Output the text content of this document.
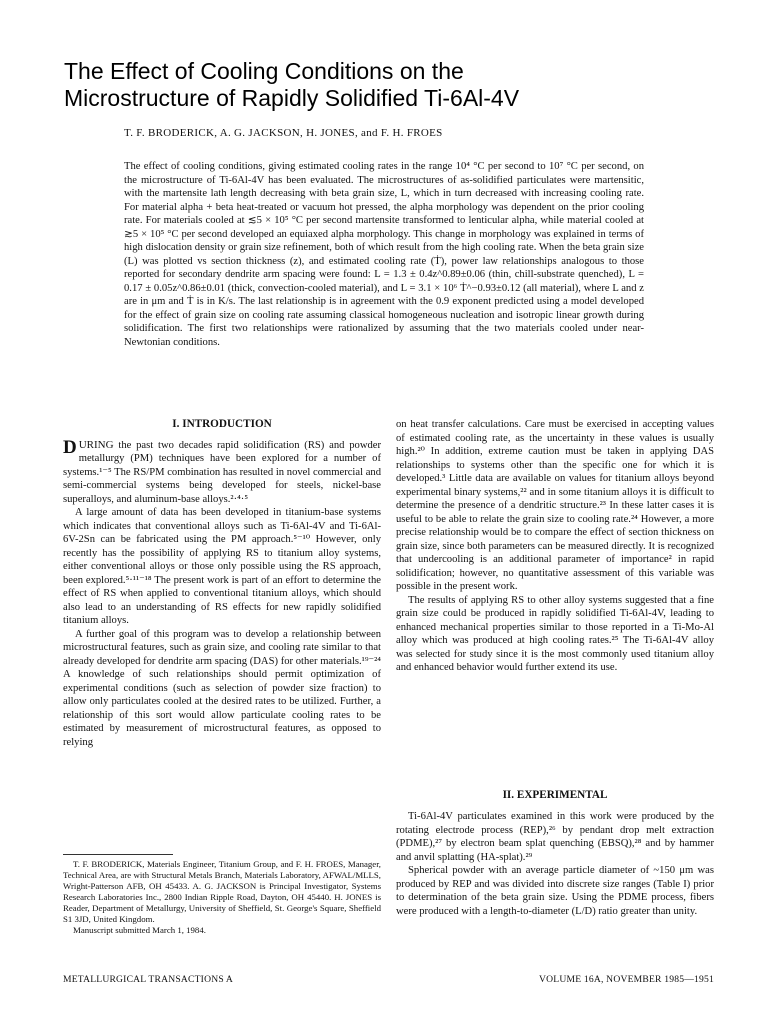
The Effect of Cooling Conditions on the
Microstructure of Rapidly Solidified Ti-6Al-4V
T. F. BRODERICK, A. G. JACKSON, H. JONES, and F. H. FROES

The effect of cooling conditions, giving estimated cooling rates in the range 10⁴ °C per second to 10⁷ °C per second, on the microstructure of Ti-6Al-4V has been evaluated. The microstructures of as-solidified particulates were martensitic, with the martensite lath length decreasing with beta grain size, L, which in turn decreased with increasing cooling rate. For material alpha + beta heat-treated or vacuum hot pressed, the alpha morphology was dependent on the prior cooling rate. For materials cooled at ≲5 × 10⁵ °C per second martensite transformed to lenticular alpha, while material cooled at ≳5 × 10⁵ °C per second developed an equiaxed alpha morphology. This change in morphology was explained in terms of high dislocation density or grain size refinement, both of which result from the high cooling rate. When the beta grain size (L) was plotted vs section thickness (z), and estimated cooling rate (Ṫ), power law relationships analogous to those reported for secondary dendrite arm spacing were found: L = 1.3 ± 0.4z^0.89±0.06 (thin, chill-substrate quenched), L = 0.17 ± 0.05z^0.86±0.01 (thick, convection-cooled material), and L = 3.1 × 10⁶ Ṫ^−0.93±0.12 (all material), where L and z are in μm and Ṫ is in K/s. The last relationship is in agreement with the 0.9 exponent predicted using a model developed for the effect of grain size on cooling rate assuming classical homogeneous nucleation and isotropic linear growth during solidification. The first two relationships were rationalized by assuming that the two materials cooled under near-Newtonian conditions.

I. INTRODUCTION

DURING the past two decades rapid solidification (RS) and powder metallurgy (PM) techniques have been explored for a number of systems.¹⁻⁵ The RS/PM combination has resulted in novel commercial and semi-commercial systems being developed for steels, nickel-base superalloys, and aluminum-base alloys.²·⁴·⁵

A large amount of data has been developed in titanium-base systems which indicates that conventional alloys such as Ti-6Al-4V and Ti-6Al-6V-2Sn can be fabricated using the PM approach.⁵⁻¹⁰ However, only recently has the possibility of applying RS to titanium alloy systems, either conventional alloys or those only possible using the RS approach, been explored.⁵·¹¹⁻¹⁸ The present work is part of an effort to determine the effect of RS when applied to conventional titanium alloys, which should also lead to an understanding of RS effects for new rapidly solidified titanium alloys.

A further goal of this program was to develop a relationship between microstructural features, such as grain size, and cooling rate similar to that already developed for dendrite arm spacing (DAS) for other materials.¹⁹⁻²⁴ A knowledge of such relationships should permit optimization of experimental conditions (such as selection of powder size fraction) to allow only particulates cooled at the desired rates to be utilized. Further, a relationship of this sort would allow particulate cooling rates to be estimated by measurement of microstructural features, as opposed to relying

T. F. BRODERICK, Materials Engineer, Titanium Group, and F. H. FROES, Manager, Technical Area, are with Structural Metals Branch, Materials Laboratory, AFWAL/MLLS, Wright-Patterson AFB, OH 45433. A. G. JACKSON is Principal Investigator, Systems Research Laboratories Inc., 2800 Indian Ripple Road, Dayton, OH 45440. H. JONES is Reader, Department of Metallurgy, University of Sheffield, St. George's Square, Sheffield S1 3JD, United Kingdom.

Manuscript submitted March 1, 1984.

on heat transfer calculations. Care must be exercised in accepting values of estimated cooling rate, as the uncertainty in these values is usually high.²⁰ In addition, extreme caution must be taken in applying DAS relationships to systems other than the specific one for which it is developed.³ Little data are available on values for titanium alloys beyond experimental binary systems,²² and in some titanium alloys it is difficult to determine the presence of a dendritic structure.²³ In these latter cases it is useful to be able to relate the grain size to cooling rate.²⁴ However, a more precise relationship would be to compare the effect of section thickness on grain size, since both parameters can be measured directly. It is recognized that undercooling is an additional parameter of importance² in rapid solidification; however, no quantitative assessment of this variable was possible in the present work.

The results of applying RS to other alloy systems suggested that a fine grain size could be produced in rapidly solidified Ti-6Al-4V, leading to enhanced mechanical properties similar to those reported in a Ti-Mo-Al alloy which was produced at high cooling rates.²⁵ The Ti-6Al-4V alloy was selected for study since it is the most commonly used titanium alloy and enhanced behavior would further extend its use.

II. EXPERIMENTAL

Ti-6Al-4V particulates examined in this work were produced by the rotating electrode process (REP),²⁶ by pendant drop melt extraction (PDME),²⁷ by electron beam splat quenching (EBSQ),²⁸ and by hammer and anvil splatting (HA-splat).²⁹

Spherical powder with an average particle diameter of ~150 μm was produced by REP and was divided into discrete size ranges (Table I) prior to determination of the beta grain size. Using the PDME process, fibers were produced with a length-to-diameter (L/D) ratio greater than unity.

METALLURGICAL TRANSACTIONS A	VOLUME 16A, NOVEMBER 1985—1951
